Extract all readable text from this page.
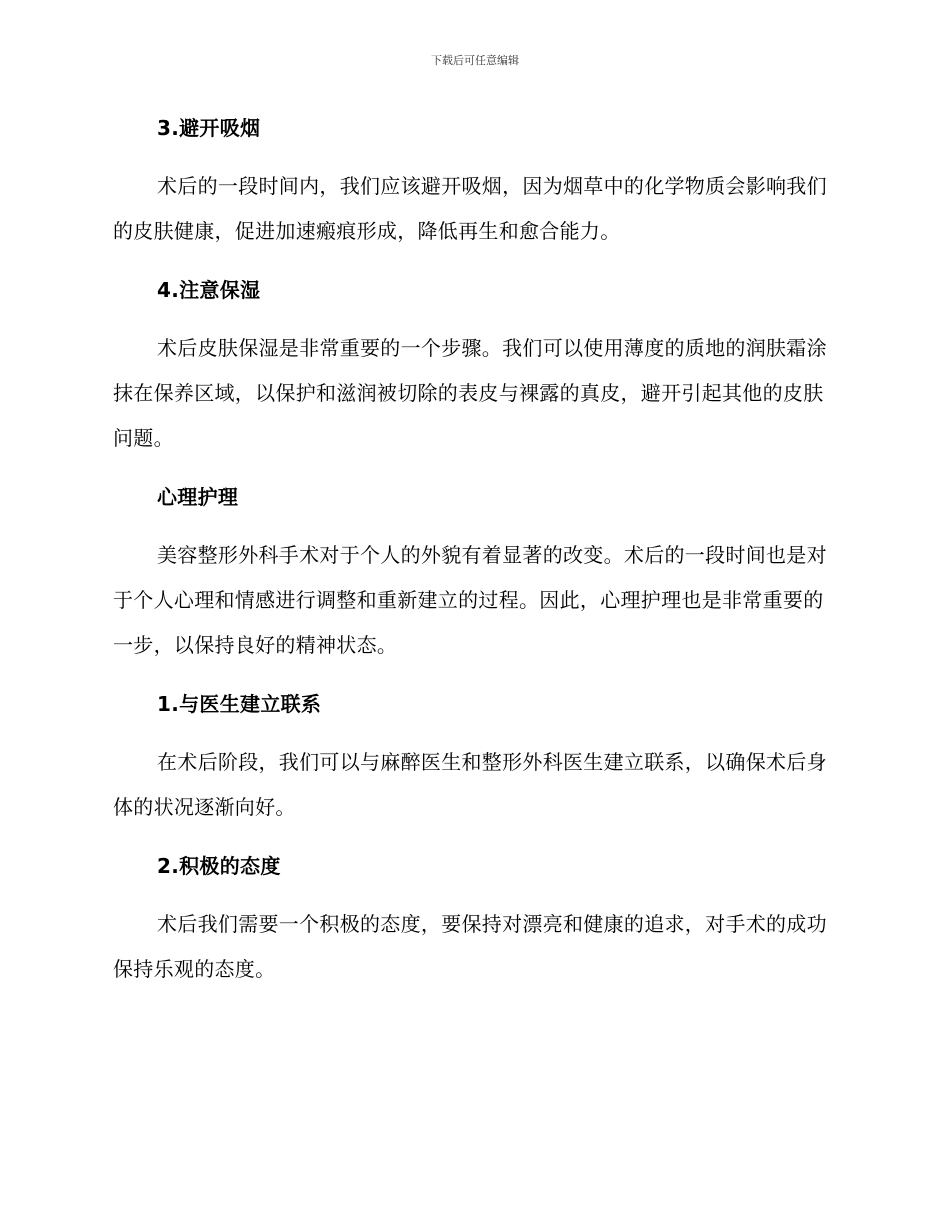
下载后可任意编辑
3.避开吸烟

术后的一段时间内，我们应该避开吸烟，因为烟草中的化学物质会影响我们的皮肤健康，促进加速瘢痕形成，降低再生和愈合能力。

4.注意保湿

术后皮肤保湿是非常重要的一个步骤。我们可以使用薄度的质地的润肤霜涂抹在保养区域，以保护和滋润被切除的表皮与裸露的真皮，避开引起其他的皮肤问题。

心理护理

美容整形外科手术对于个人的外貌有着显著的改变。术后的一段时间也是对于个人心理和情感进行调整和重新建立的过程。因此，心理护理也是非常重要的一步，以保持良好的精神状态。

1.与医生建立联系

在术后阶段，我们可以与麻醉医生和整形外科医生建立联系，以确保术后身体的状况逐渐向好。

2.积极的态度

术后我们需要一个积极的态度，要保持对漂亮和健康的追求，对手术的成功保持乐观的态度。
